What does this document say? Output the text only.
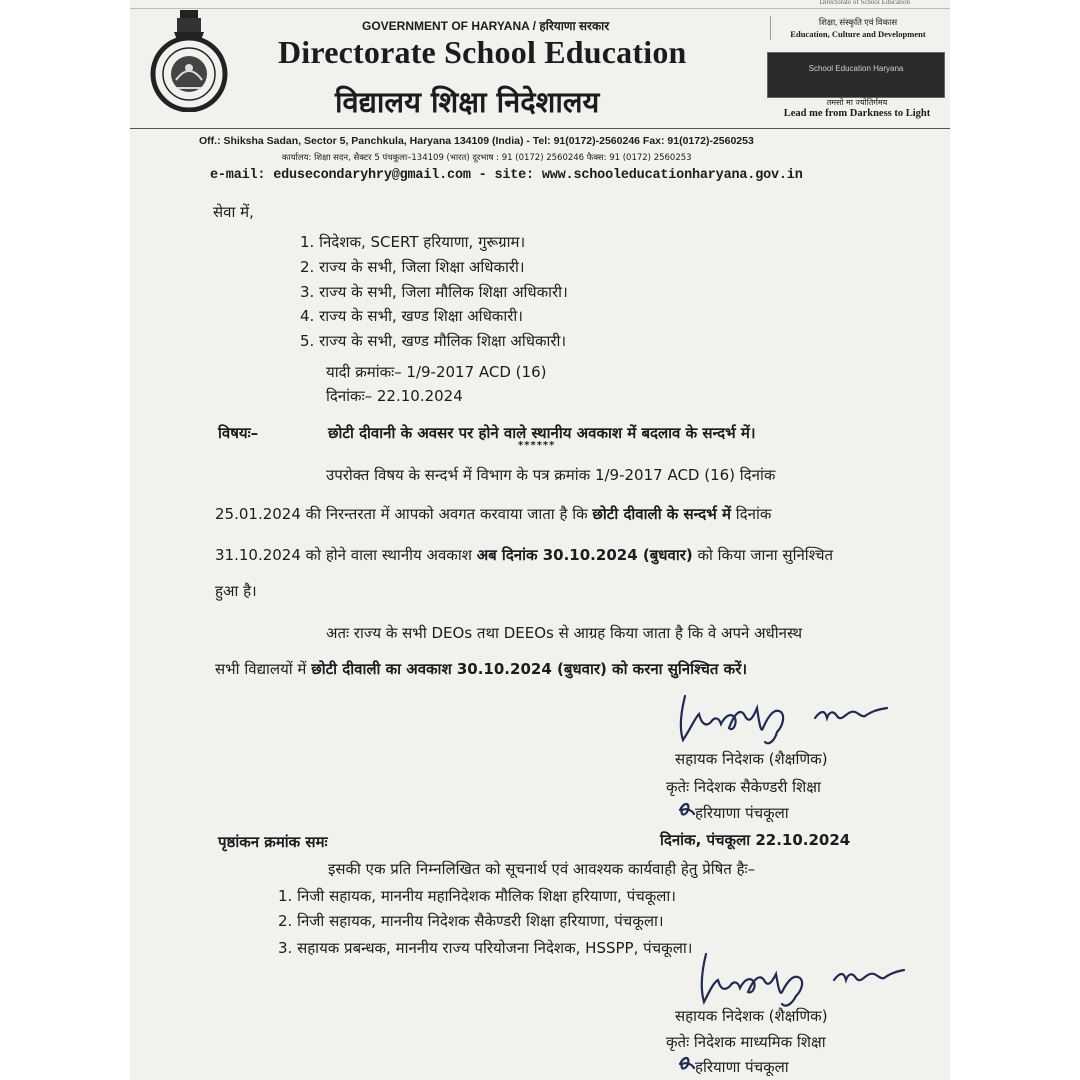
Directorate of School Education
GOVERNMENT OF HARYANA / हरियाणा सरकार
Directorate School Education
विद्यालय शिक्षा निदेशालय
शिक्षा, संस्कृति एवं विकास
Education, Culture and Development
School Education Haryana
तमसो मा ज्योतिर्गमय
Lead me from Darkness to Light
Off.: Shiksha Sadan, Sector 5, Panchkula, Haryana 134109 (India) - Tel: 91(0172)-2560246 Fax: 91(0172)-2560253
कार्यालय: शिक्षा सदन, सैक्टर 5 पंचकूला–134109 (भारत) दूरभाष : 91 (0172) 2560246 फैक्स: 91 (0172) 2560253
e-mail: edusecondaryhry@gmail.com - site: www.schooleducationharyana.gov.in
सेवा में,
1. निदेशक, SCERT हरियाणा, गुरूग्राम।
2. राज्य के सभी, जिला शिक्षा अधिकारी।
3. राज्य के सभी, जिला मौलिक शिक्षा अधिकारी।
4. राज्य के सभी, खण्ड शिक्षा अधिकारी।
5. राज्य के सभी, खण्ड मौलिक शिक्षा अधिकारी।
यादी क्रमांकः– 1/9-2017 ACD (16)
दिनांकः– 22.10.2024
विषयः–	छोटी दीवानी के अवसर पर होने वाले स्थानीय अवकाश में बदलाव के सन्दर्भ में।
******
उपरोक्त विषय के सन्दर्भ में विभाग के पत्र क्रमांक 1/9-2017 ACD (16) दिनांक
25.01.2024 की निरन्तरता में आपको अवगत करवाया जाता है कि छोटी दीवाली के सन्दर्भ में दिनांक
31.10.2024 को होने वाला स्थानीय अवकाश अब दिनांक 30.10.2024 (बुधवार) को किया जाना सुनिश्चित
हुआ है।
अतः राज्य के सभी DEOs तथा DEEOs से आग्रह किया जाता है कि वे अपने अधीनस्थ
सभी विद्यालयों में छोटी दीवाली का अवकाश 30.10.2024 (बुधवार) को करना सुनिश्चित करें।
सहायक निदेशक (शैक्षणिक)
कृतेः निदेशक सैकेण्डरी शिक्षा
हरियाणा पंचकूला
पृष्ठांकन क्रमांक समः	दिनांक, पंचकूला 22.10.2024
इसकी एक प्रति निम्नलिखित को सूचनार्थ एवं आवश्यक कार्यवाही हेतु प्रेषित हैः–
1. निजी सहायक, माननीय महानिदेशक मौलिक शिक्षा हरियाणा, पंचकूला।
2. निजी सहायक, माननीय निदेशक सैकेण्डरी शिक्षा हरियाणा, पंचकूला।
3. सहायक प्रबन्धक, माननीय राज्य परियोजना निदेशक, HSSPP, पंचकूला।
सहायक निदेशक (शैक्षणिक)
कृतेः निदेशक माध्यमिक शिक्षा
हरियाणा पंचकूला
